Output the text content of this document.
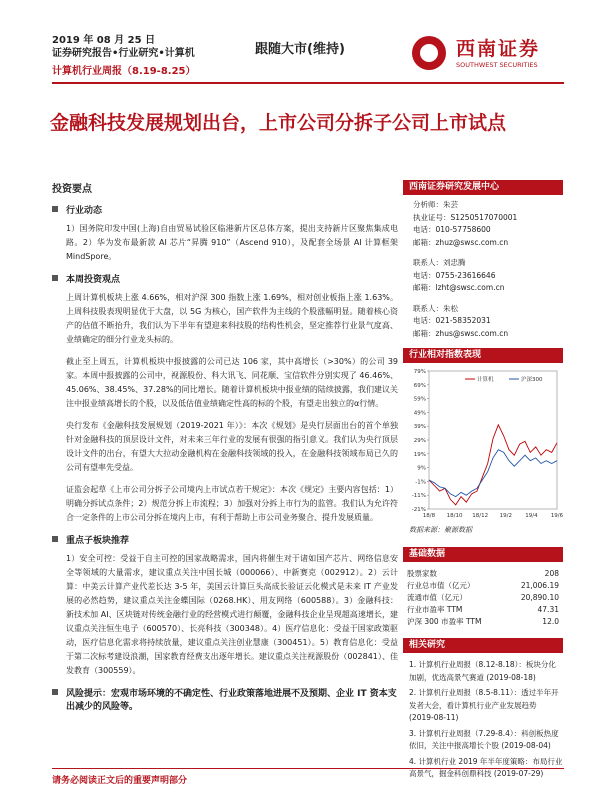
2019 年 08 月 25 日
证券研究报告•行业研究•计算机
计算机行业周报（8.19-8.25）
跟随大市(维持)	西南证券
SOUTHWEST SECURITIES
金融科技发展规划出台，上市公司分拆子公司上市试点
投资要点
行业动态

1）国务院印发中国(上海)自由贸易试验区临港新片区总体方案，提出支持新片区聚焦集成电路。2）华为发布最新款 AI 芯片“昇腾 910”（Ascend 910），及配套全场景 AI 计算框架 MindSpore。

本周投资观点

上周计算机板块上涨 4.66%，相对沪深 300 指数上涨 1.69%，相对创业板指上涨 1.63%。上周科技股表现明显优于大盘，以 5G 为核心，国产软件为主线的个股涨幅明显。随着核心资产的估值不断抬升，我们认为下半年有望迎来科技股的结构性机会，坚定推荐行业景气度高、业绩确定的细分行业龙头标的。

截止至上周五，计算机板块中报披露的公司已达 106 家，其中高增长（>30%）的公司 39 家。本周中报披露的公司中，视源股份、科大讯飞、同花顺、宝信软件分别实现了 46.46%、45.06%、38.45%、37.28%的同比增长。随着计算机板块中报业绩的陆续披露，我们建议关注中报业绩高增长的个股，以及低估值业绩确定性高的标的个股，有望走出独立的α行情。

央行发布《金融科技发展规划（2019-2021 年）》：本次《规划》是央行层面出台的首个单独针对金融科技的顶层设计文件，对未来三年行业的发展有很强的指引意义。我们认为央行顶层设计文件的出台，有望大大拉动金融机构在金融科技领域的投入，在金融科技领域布局已久的公司有望率先受益。

证监会起草《上市公司分拆子公司境内上市试点若干规定》：本次《规定》主要内容包括：1）明确分拆试点条件；2）规范分拆上市流程；3）加强对分拆上市行为的监管。我们认为允许符合一定条件的上市公司分拆在境内上市，有利于帮助上市公司业务聚合、提升发展质量。

重点子板块推荐

1）安全可控：受益于自主可控的国家战略需求，国内将催生对于诸如国产芯片、网络信息安全等领域的大量需求，建议重点关注中国长城（000066）、中新赛克（002912）。2）云计算：中美云计算产业代差长达 3-5 年，美国云计算巨头高成长验证云化模式是未来 IT 产业发展的必然趋势，建议重点关注金蝶国际（0268.HK）、用友网络（600588）。3）金融科技：新技术加 AI、区块链对传统金融行业的经营模式进行颠覆，金融科技企业呈现超高速增长，建议重点关注恒生电子（600570）、长亮科技（300348）。4）医疗信息化：受益于国家政策驱动，医疗信息化需求将持续放量，建议重点关注创业慧康（300451）。5）教育信息化：受益于第二次标考建设浪潮，国家教育经费支出逐年增长。建议重点关注视源股份（002841）、佳发教育（300559）。

风险提示：宏观市场环境的不确定性、行业政策落地进展不及预期、企业 IT 资本支出减少的风险等。
西南证券研究发展中心
分析师：朱芸
执业证号：S1250517070001
电话：010-57758600
邮箱：zhuz@swsc.com.cn
联系人：刘忠腾
电话：0755-23616646
邮箱：lzht@swsc.com.cn
联系人：朱松
电话：021-58352031
邮箱：zhus@swsc.com.cn
行业相对指数表现
79%
69%
59%
49%
39%
29%
19%
9%
-1%
-11%
-21%
18/8 18/10 18/12 19/2 19/4 19/6
计算机	沪深300
数据来源：聚源数据
基础数据
股票家数	208
行业总市值（亿元）	21,006.19
流通市值（亿元）	20,890.10
行业市盈率 TTM	47.31
沪深 300 市盈率 TTM	12.0
相关研究
1. 计算机行业周报（8.12-8.18）：板块分化加剧，优选高景气赛道 (2019-08-18)
2. 计算机行业周报（8.5-8.11）：透过半年开发者大会，看计算机行业产业发展趋势 (2019-08-11)
3. 计算机行业周报（7.29-8.4）：科创板热度依旧，关注中报高增长个股 (2019-08-04)
4. 计算机行业 2019 年半年度策略：布局行业高景气，掘金科创鼎科技 (2019-07-29)
请务必阅读正文后的重要声明部分
